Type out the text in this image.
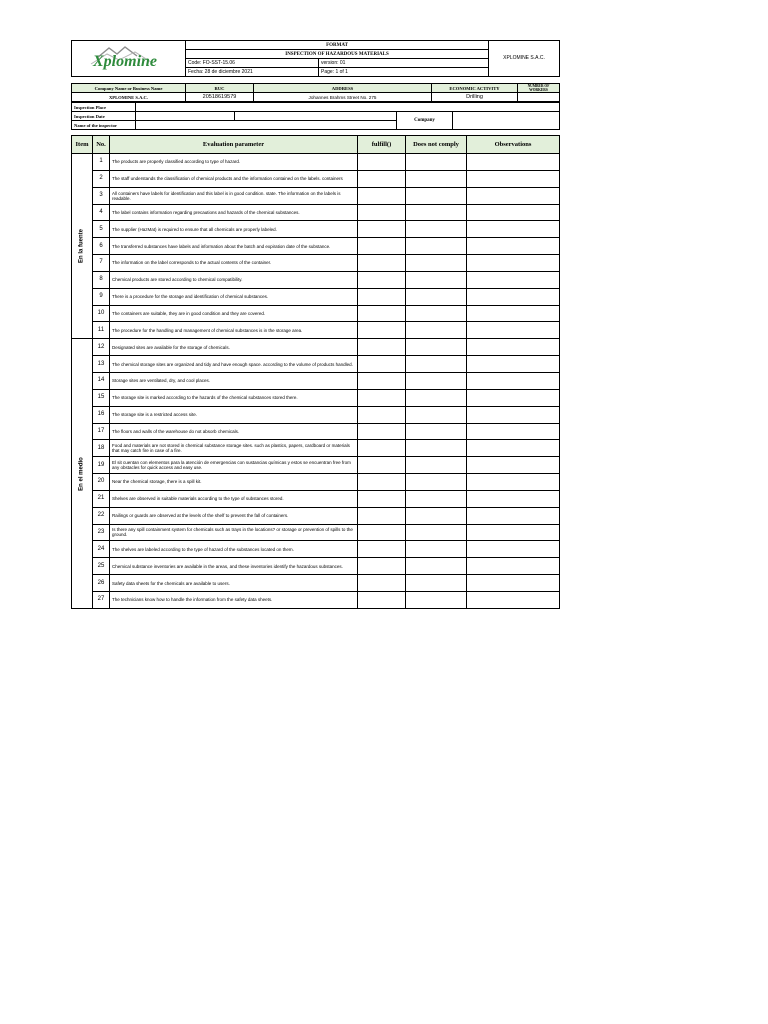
Xplomine	FORMAT		XPLOMINE S.A.C.
	INSPECTION OF HAZARDOUS MATERIALS		
	Code: FO-SST-15.06	version: 01	
	Fecha: 28 de diciembre 2021	Page: 1 of 1	
Company Name or Business Name	RUC	ADDRESS	ECONOMIC ACTIVITY	NUMBER OF WORKERS
XPLOMINE S.A.C.	20518619579	Johannes Brahms Street No. 275	Drilling	
Inspection Place				
Inspection Date			Company	
Name of the inspector				
Item	No.	Evaluation parameter	fulfill()	Does not comply	Observations

En la fuente	1	The products are properly classified according to type of hazard.			
	2	The staff understands the classification of chemical products and the information contained on the labels. containers			
	3	All containers have labels for identification and this label is in good condition. state. The information on the labels is readable.			
	4	The label contains information regarding precautions and hazards of the chemical substances.			
	5	The supplier (HazMat) is required to ensure that all chemicals are properly labeled.			
	6	The transferred substances have labels and information about the batch and expiration date of the substance.			
	7	The information on the label corresponds to the actual contents of the container.			
	8	Chemical products are stored according to chemical compatibility.			
	9	There is a procedure for the storage and identification of chemical substances.			
	10	The containers are suitable, they are in good condition and they are covered.			
	11	The procedure for the handling and management of chemical substances is in the storage area.			

En el medio	12	Designated sites are available for the storage of chemicals.			
	13	The chemical storage sites are organized and tidy and have enough space. according to the volume of products handled.			
	14	Storage sites are ventilated, dry, and cool places.			
	15	The storage site is marked according to the hazards of the chemical substances stored there.			
	16	The storage site is a restricted access site.			
	17	The floors and walls of the warehouse do not absorb chemicals.			
	18	Food and materials are not stored in chemical substance storage sites. such as plastics, papers, cardboard or materials that may catch fire in case of a fire.			
	19	El sit cuentan con elementos para la atención de emergencias con sustancias químicas y estos se encuentran free from any obstacles for quick access and easy use.			
	20	Near the chemical storage, there is a spill kit.			
	21	Shelves are observed in suitable materials according to the type of substances stored.			
	22	Railings or guards are observed at the levels of the shelf to prevent the fall of containers.			
	23	Is there any spill containment system for chemicals such as trays in the locations? or storage or prevention of spills to the ground.			
	24	The shelves are labeled according to the type of hazard of the substances located on them.			
	25	Chemical substance inventories are available in the areas, and these inventories identify the hazardous substances.			
	26	Safety data sheets for the chemicals are available to users.			
	27	The technicians know how to handle the information from the safety data sheets.			
